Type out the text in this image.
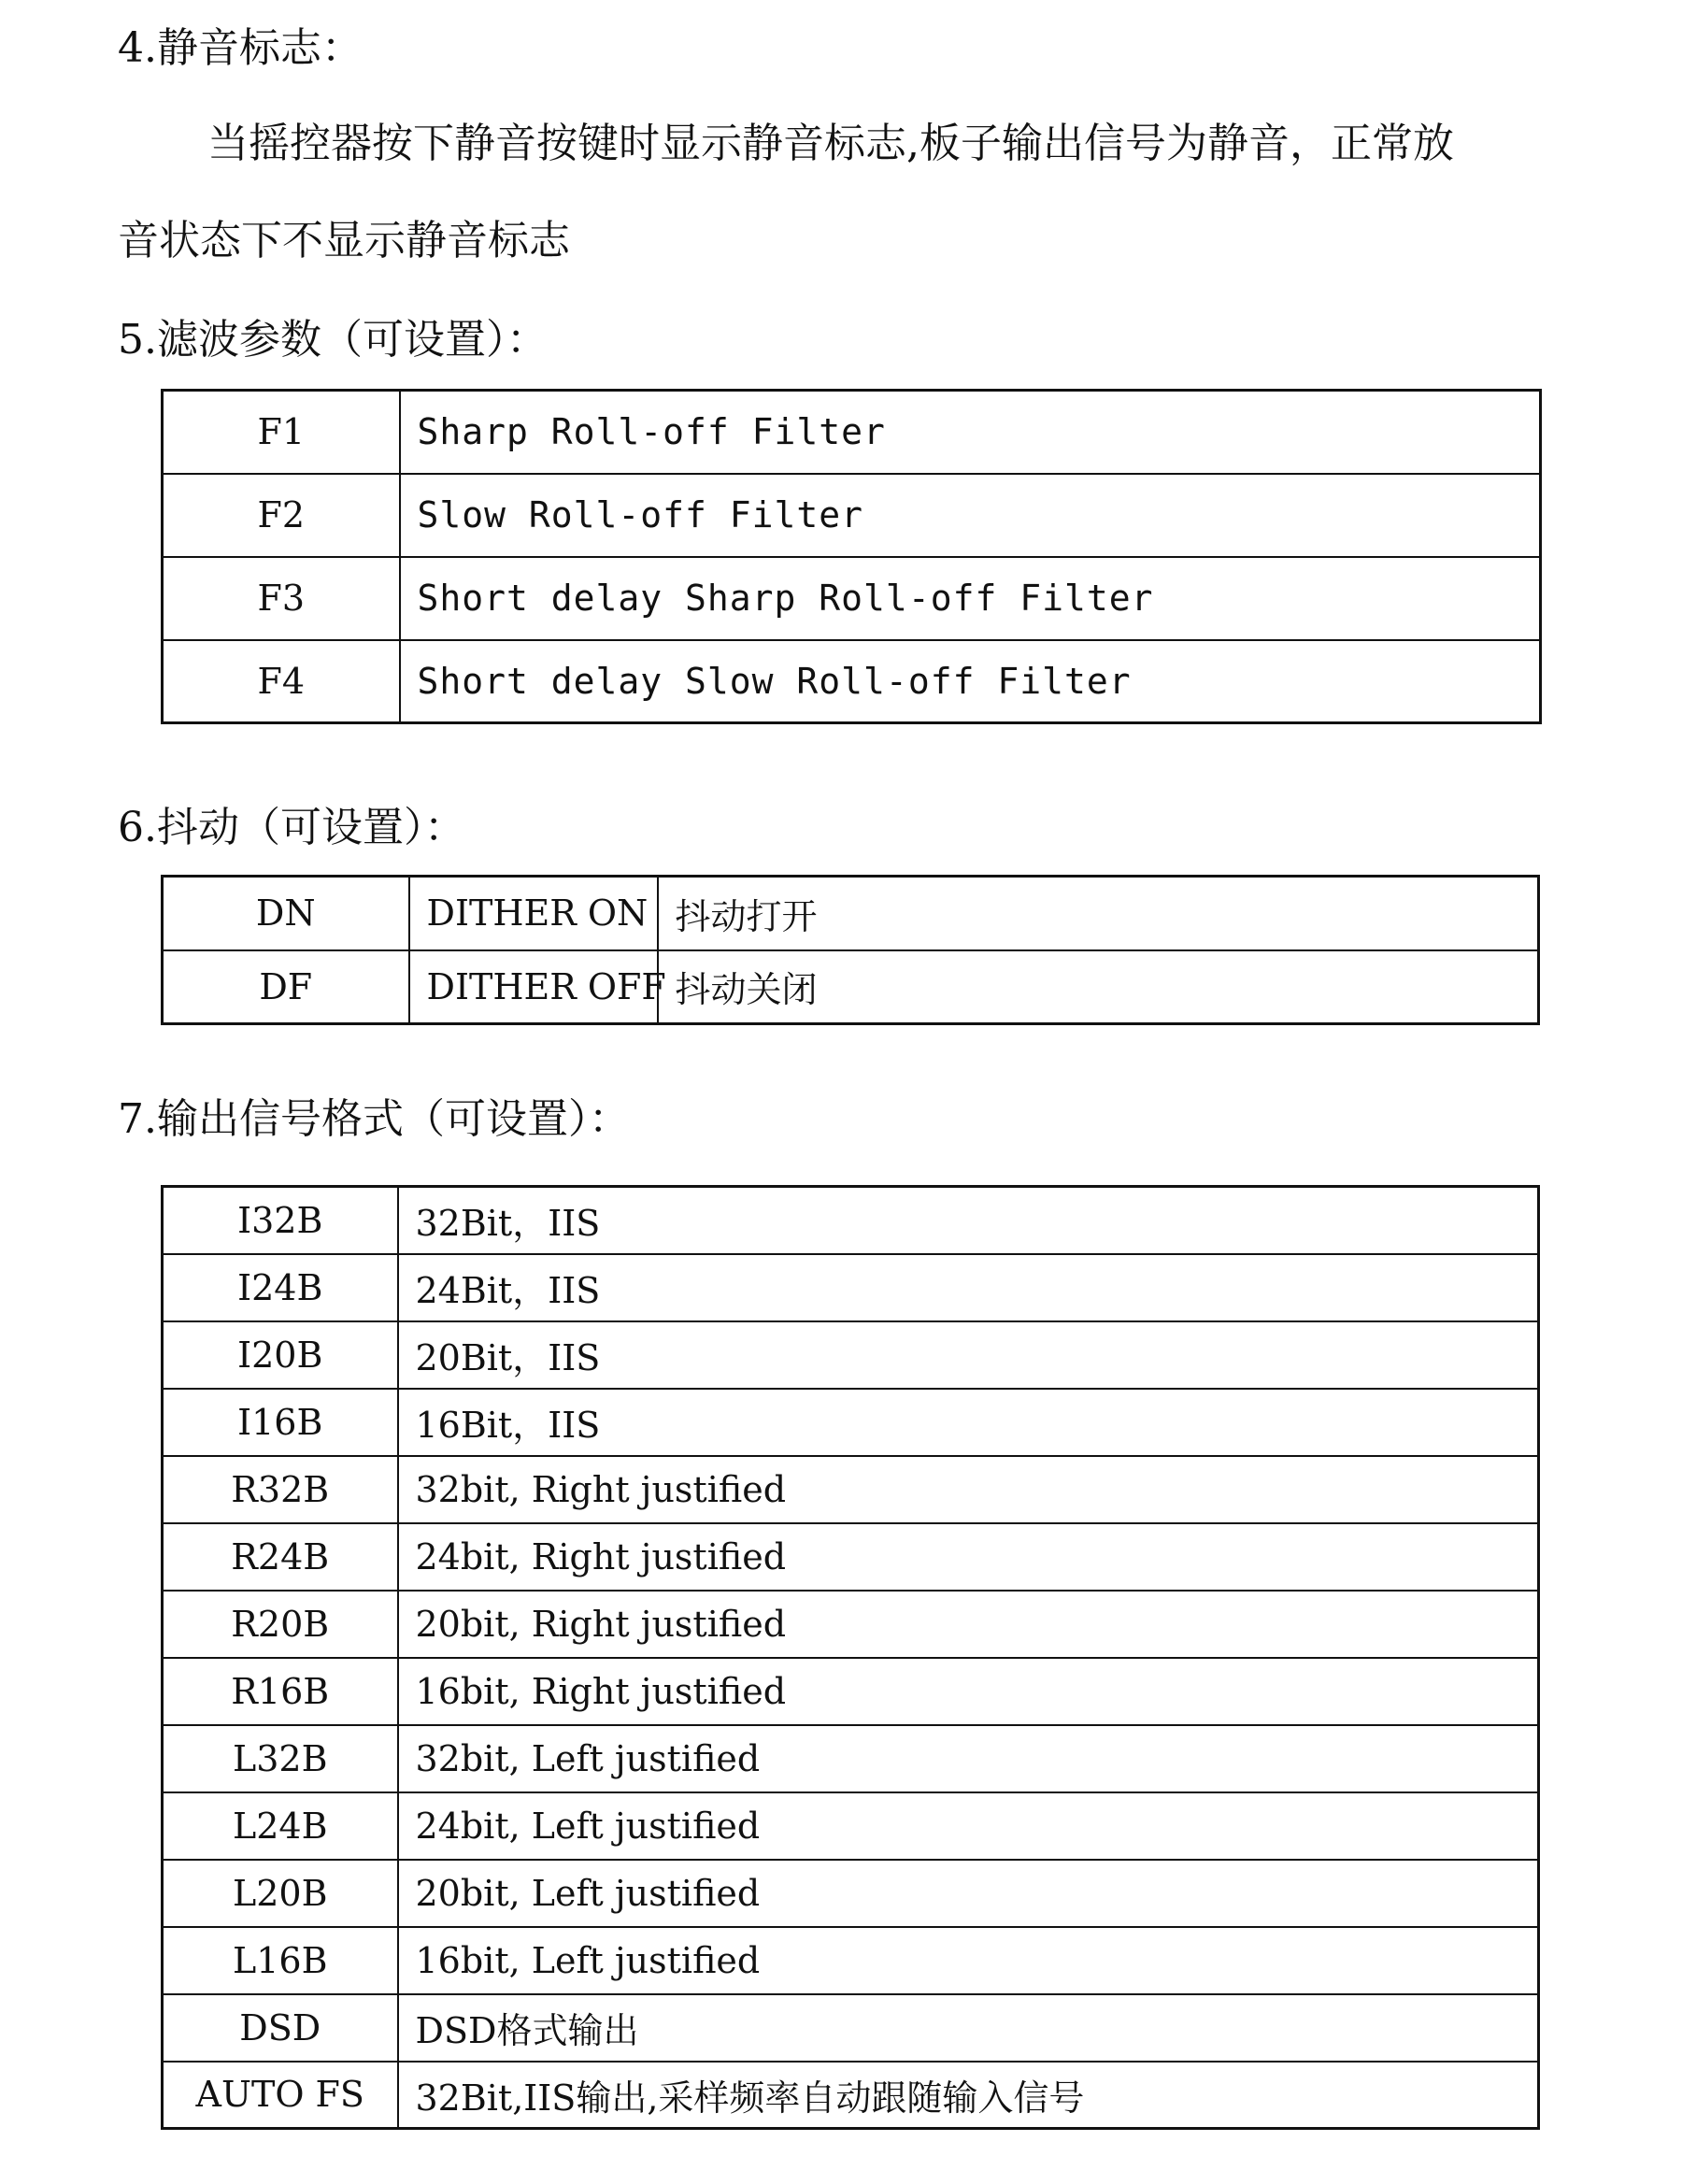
4.静音标志：
当摇控器按下静音按键时显示静音标志,板子输出信号为静音，正常放
音状态下不显示静音标志
5.滤波参数（可设置）：
F1	Sharp Roll-off Filter
F2	Slow Roll-off Filter
F3	Short delay Sharp Roll-off Filter
F4	Short delay Slow Roll-off Filter
6.抖动（可设置）：
DN	DITHER ON	抖动打开
DF	DITHER OFF	抖动关闭
7.输出信号格式（可设置）：
I32B	32Bit，IIS
I24B	24Bit，IIS
I20B	20Bit，IIS
I16B	16Bit，IIS
R32B	32bit, Right justified
R24B	24bit, Right justified
R20B	20bit, Right justified
R16B	16bit, Right justified
L32B	32bit, Left justified
L24B	24bit, Left justified
L20B	20bit, Left justified
L16B	16bit, Left justified
DSD	DSD格式输出
AUTO FS	32Bit,IIS输出,采样频率自动跟随输入信号
